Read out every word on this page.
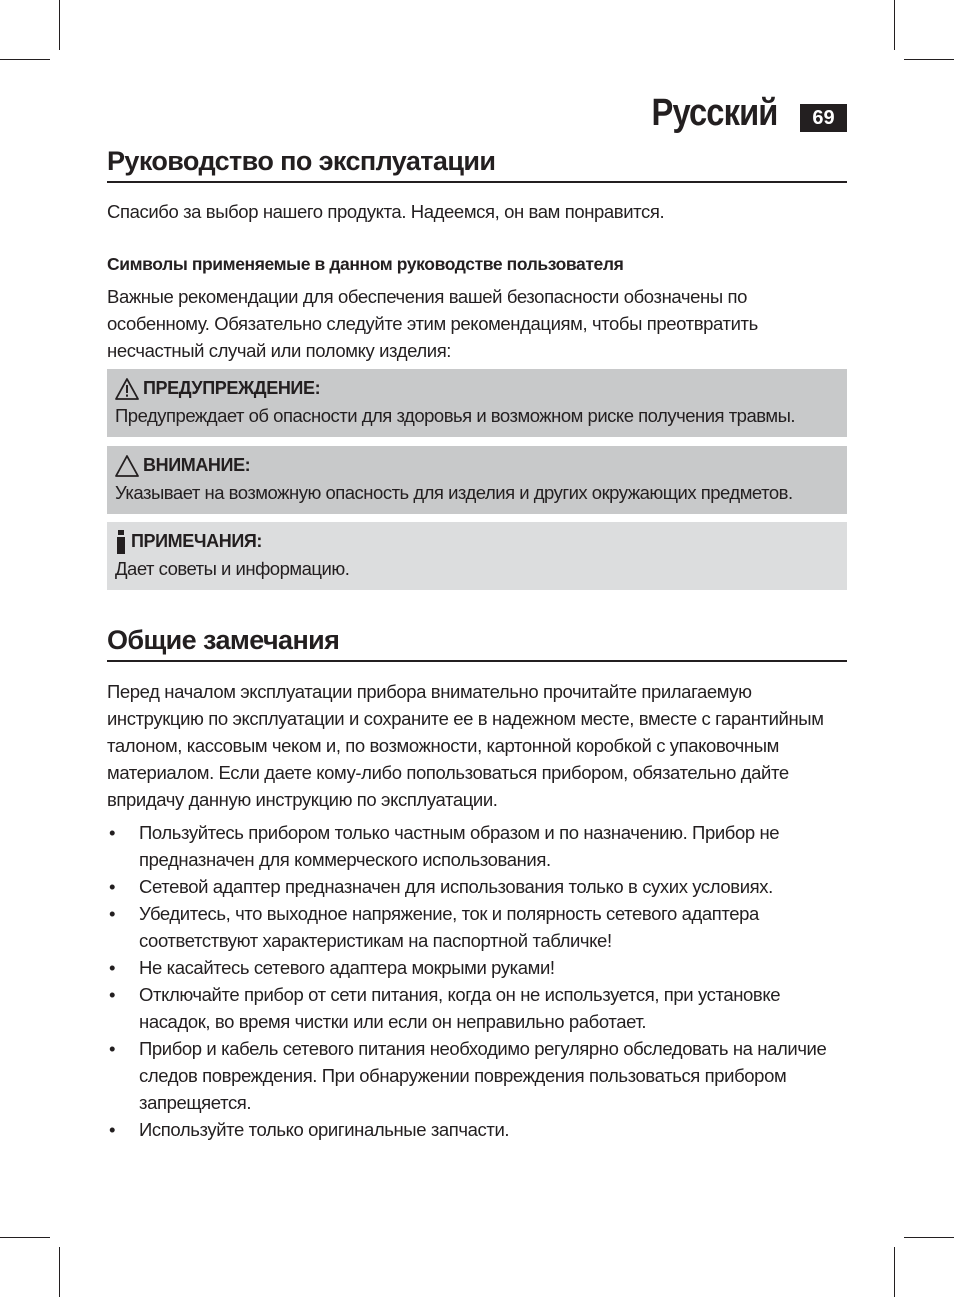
Русский	69
Руководство по эксплуатации
Спасибо за выбор нашего продукта. Надеемся, он вам понравится.
Символы применяемые в данном руководстве пользователя
Важные рекомендации для обеспечения вашей безопасности обозначены по особенному. Обязательно следуйте этим рекомендациям, чтобы преотвратить несчастный случай или поломку изделия:
ПРЕДУПРЕЖДЕНИЕ:
Предупреждает об опасности для здоровья и возможном риске получения травмы.
ВНИМАНИЕ:
Указывает на возможную опасность для изделия и других окружающих предметов.
ПРИМЕЧАНИЯ:
Дает советы и информацию.
Общие замечания
Перед началом эксплуатации прибора внимательно прочитайте прилагаемую инструкцию по эксплуатации и сохраните ее в надежном месте, вместе с гарантийным талоном, кассовым чеком и, по возможности, картонной коробкой с упаковочным материалом. Если даете кому-либо попользоваться прибором, обязательно дайте впридачу данную инструкцию по эксплуатации.
• Пользуйтесь прибором только частным образом и по назначению. Прибор не предназначен для коммерческого использования.
• Сетевой адаптер предназначен для использования только в сухих условиях.
• Убедитесь, что выходное напряжение, ток и полярность сетевого адаптера соответствуют характеристикам на паспортной табличке!
• Не касайтесь сетевого адаптера мокрыми руками!
• Отключайте прибор от сети питания, когда он не используется, при установке насадок, во время чистки или если он неправильно работает.
• Прибор и кабель сетевого питания необходимо регулярно обследовать на наличие следов повреждения. При обнаружении повреждения пользоваться прибором запрещяется.
• Используйте только оригинальные запчасти.
